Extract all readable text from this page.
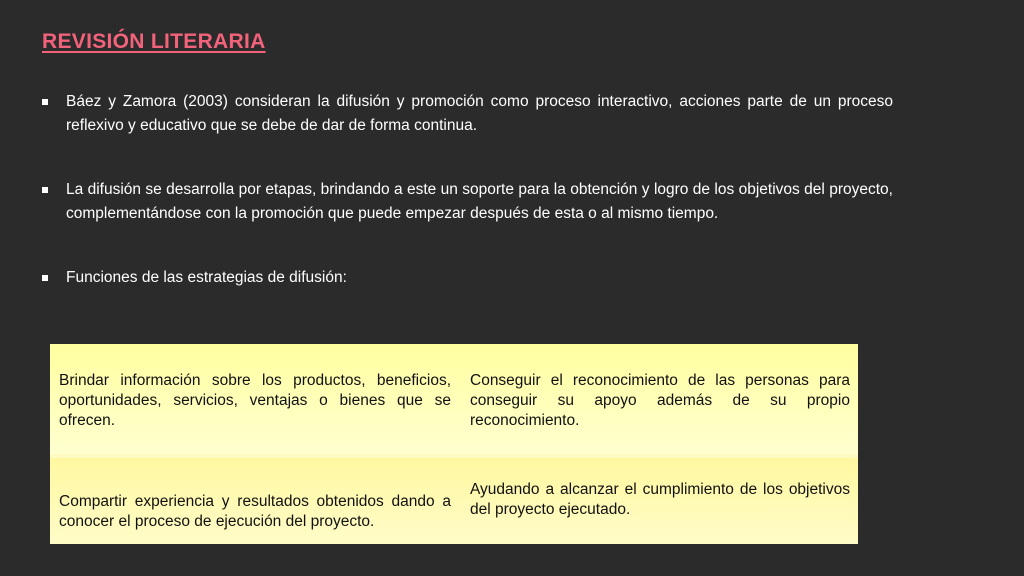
REVISIÓN LITERARIA
Báez y Zamora (2003) consideran la difusión y promoción como proceso interactivo, acciones parte de un proceso reflexivo y educativo que se debe de dar de forma continua.
La difusión se desarrolla por etapas, brindando a este un soporte para la obtención y logro de los objetivos del proyecto, complementándose con la promoción que puede empezar después de esta o al mismo tiempo.
Funciones de las estrategias de difusión:
Brindar información sobre los productos, beneficios, oportunidades, servicios, ventajas o bienes que se ofrecen.
Conseguir el reconocimiento de las personas para conseguir su apoyo además de su propio reconocimiento.
Compartir experiencia y resultados obtenidos dando a conocer el proceso de ejecución del proyecto.
Ayudando a alcanzar el cumplimiento de los objetivos del proyecto ejecutado.
